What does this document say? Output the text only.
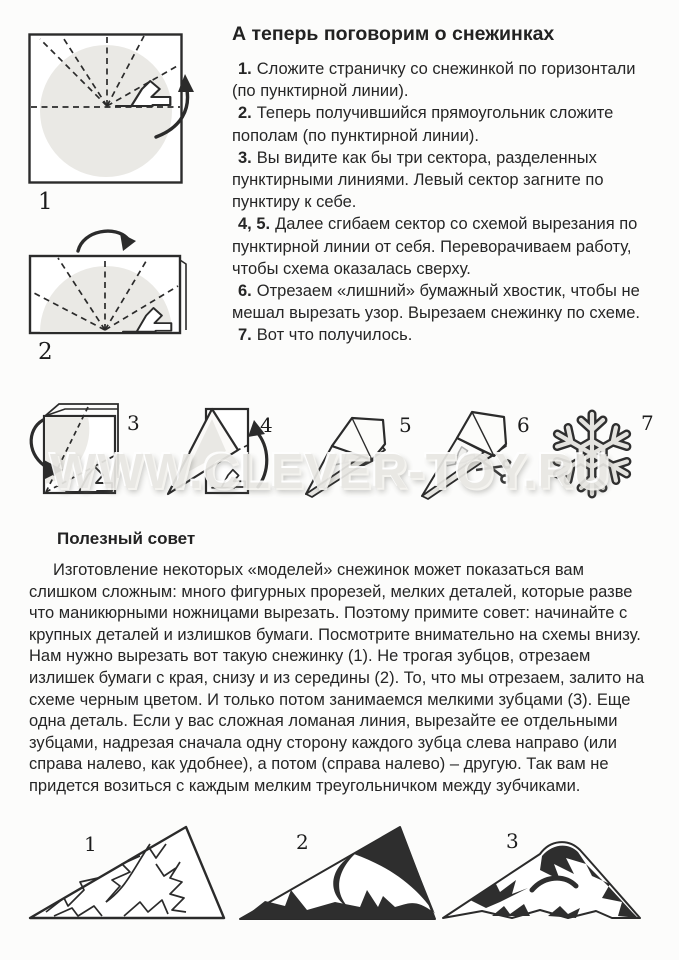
1
2
3	4	5	6	7
WWW.CLEVER-TOY.RU
А теперь поговорим о снежинках

1. Сложите страничку со снежинкой по горизонтали (по пунктирной линии).

2. Теперь получившийся прямоугольник сложите пополам (по пунктирной линии).

3. Вы видите как бы три сектора, разделенных пунктирными линиями. Левый сектор загните по пунктиру к себе.

4, 5. Далее сгибаем сектор со схемой вырезания по пунктирной линии от себя. Переворачиваем работу, чтобы схема оказалась сверху.

6. Отрезаем «лишний» бумажный хвостик, чтобы не мешал вырезать узор. Вырезаем снежинку по схеме.

7. Вот что получилось.

Полезный совет

Изготовление некоторых «моделей» снежинок может показаться вам слишком сложным: много фигурных прорезей, мелких деталей, которые разве что маникюрными ножницами вырезать. Поэтому примите совет: начинайте с крупных деталей и излишков бумаги. Посмотрите внимательно на схемы внизу. Нам нужно вырезать вот такую снежинку (1). Не трогая зубцов, отрезаем излишек бумаги с края, снизу и из середины (2). То, что мы отрезаем, залито на схеме черным цветом. И только потом занимаемся мелкими зубцами (3). Еще одна деталь. Если у вас сложная ломаная линия, вырезайте ее отдельными зубцами, надрезая сначала одну сторону каждого зубца слева направо (или справа налево, как удобнее), а потом (справа налево) – другую. Так вам не придется возиться с каждым мелким треугольничком между зубчиками.

1	2	3
